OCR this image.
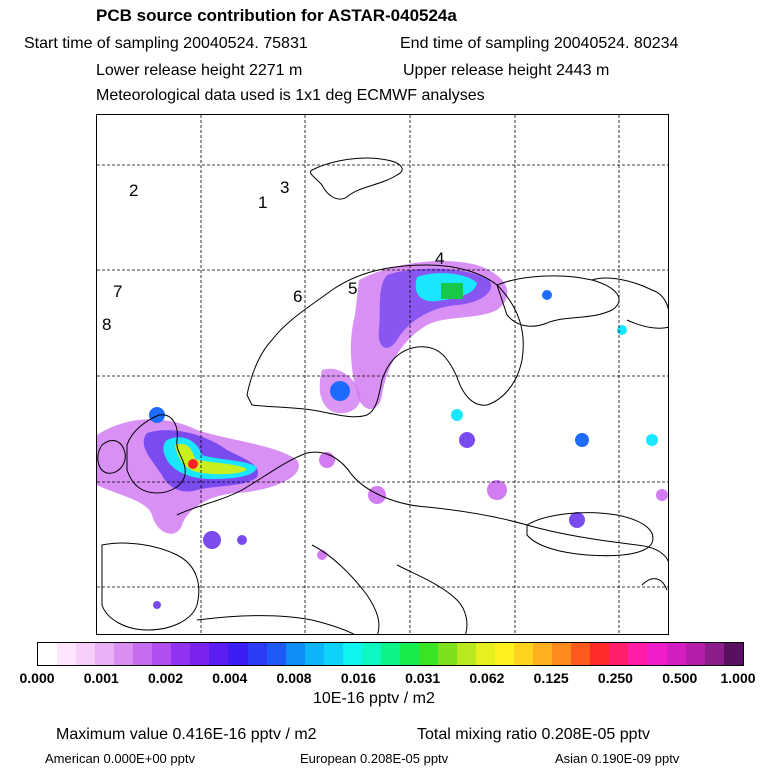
PCB source contribution for ASTAR-040524a
Start time of sampling 20040524. 75831	End time of sampling 20040524. 80234
Lower release height 2271 m	Upper release height 2443 m
Meteorological data used is 1x1 deg ECMWF analyses
2
1
3
7
8
6	5
4
0.000 0.001 0.002 0.004 0.008 0.016 0.031 0.062 0.125 0.250 0.500 1.000
10E-16 pptv / m2
Maximum value 0.416E-16 pptv / m2	Total mixing ratio 0.208E-05 pptv
American 0.000E+00 pptv	European 0.208E-05 pptv	Asian 0.190E-09 pptv
